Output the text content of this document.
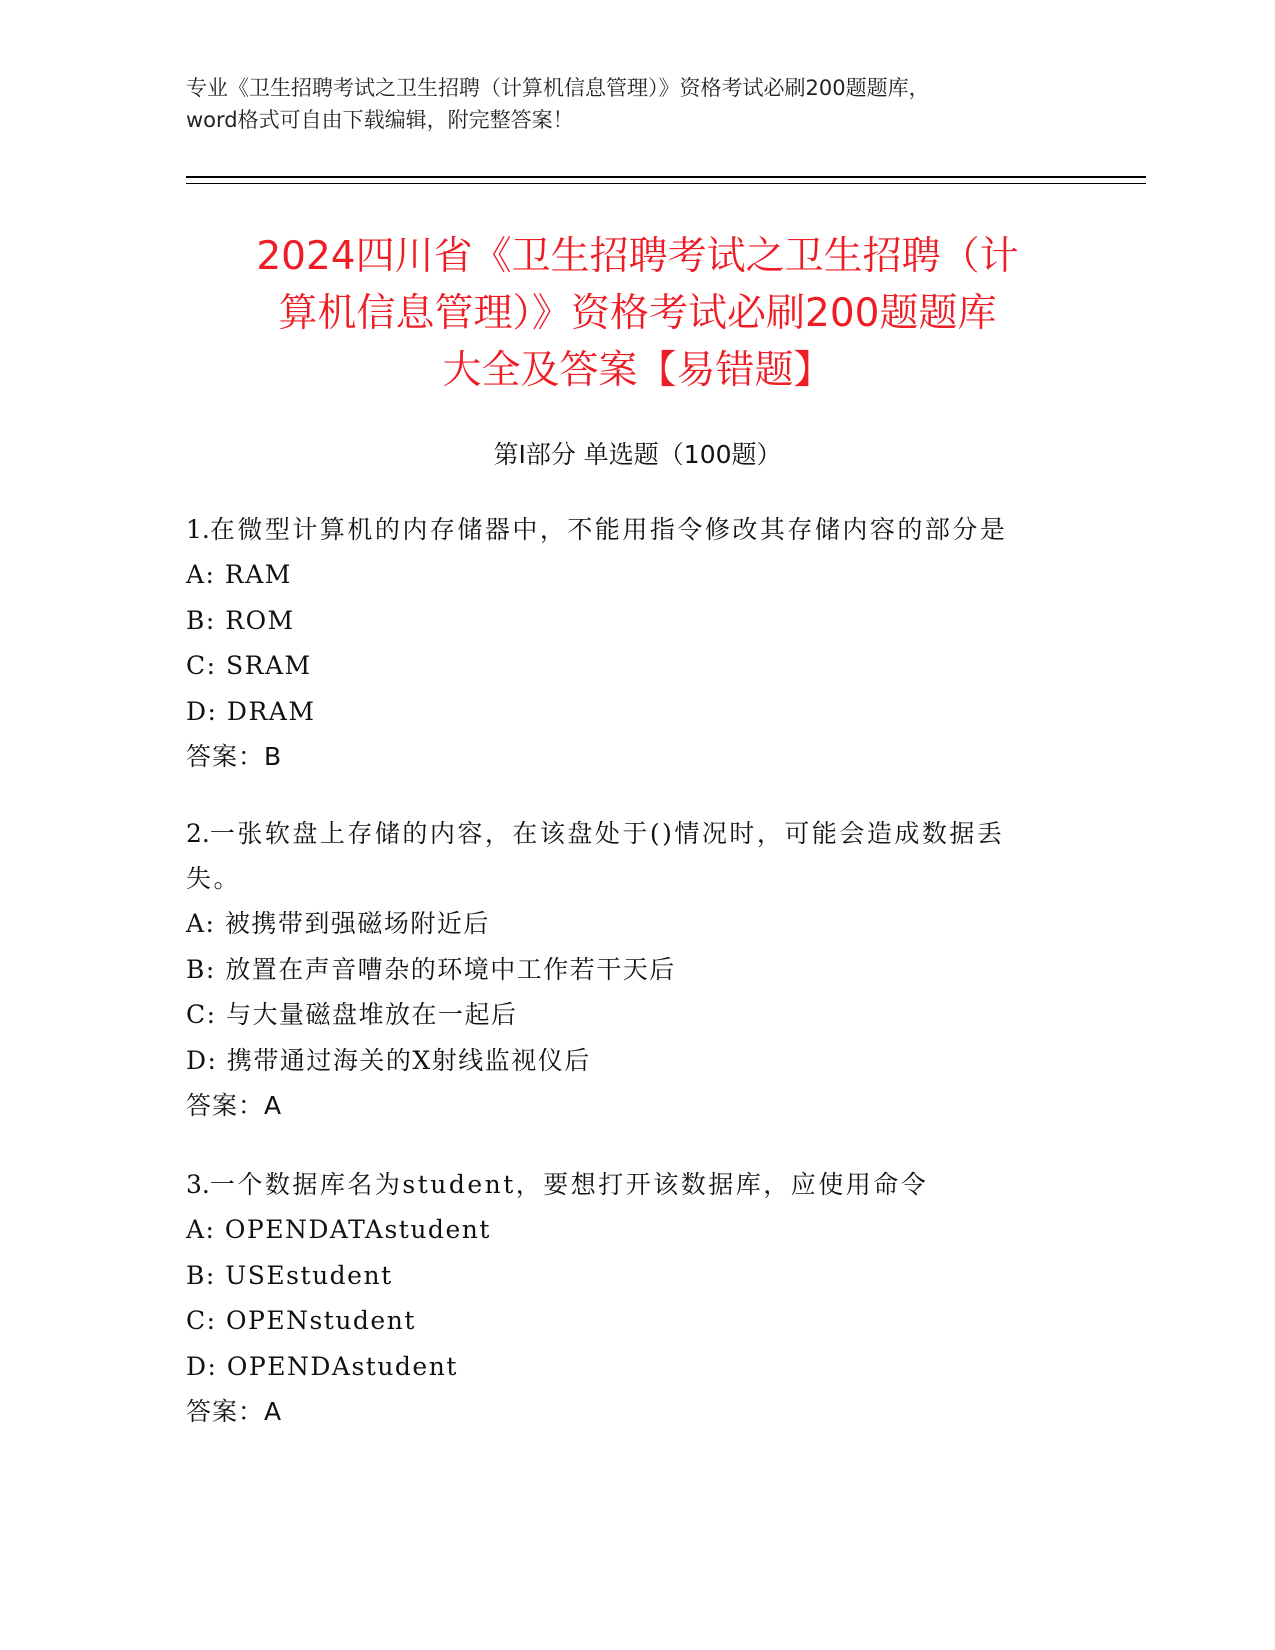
专业《卫生招聘考试之卫生招聘（计算机信息管理）》资格考试必刷200题题库，
word格式可自由下载编辑，附完整答案！
2024四川省《卫生招聘考试之卫生招聘（计
算机信息管理）》资格考试必刷200题题库
大全及答案【易错题】
第Ⅰ部分 单选题（100题）

1.在微型计算机的内存储器中，不能用指令修改其存储内容的部分是

A: RAM

B: ROM

C: SRAM

D: DRAM

答案：B

2.一张软盘上存储的内容，在该盘处于()情况时，可能会造成数据丢

失。

A: 被携带到强磁场附近后

B: 放置在声音嘈杂的环境中工作若干天后

C: 与大量磁盘堆放在一起后

D: 携带通过海关的X射线监视仪后

答案：A

3.一个数据库名为student，要想打开该数据库，应使用命令

A: OPENDATAstudent

B: USEstudent

C: OPENstudent

D: OPENDAstudent

答案：A
